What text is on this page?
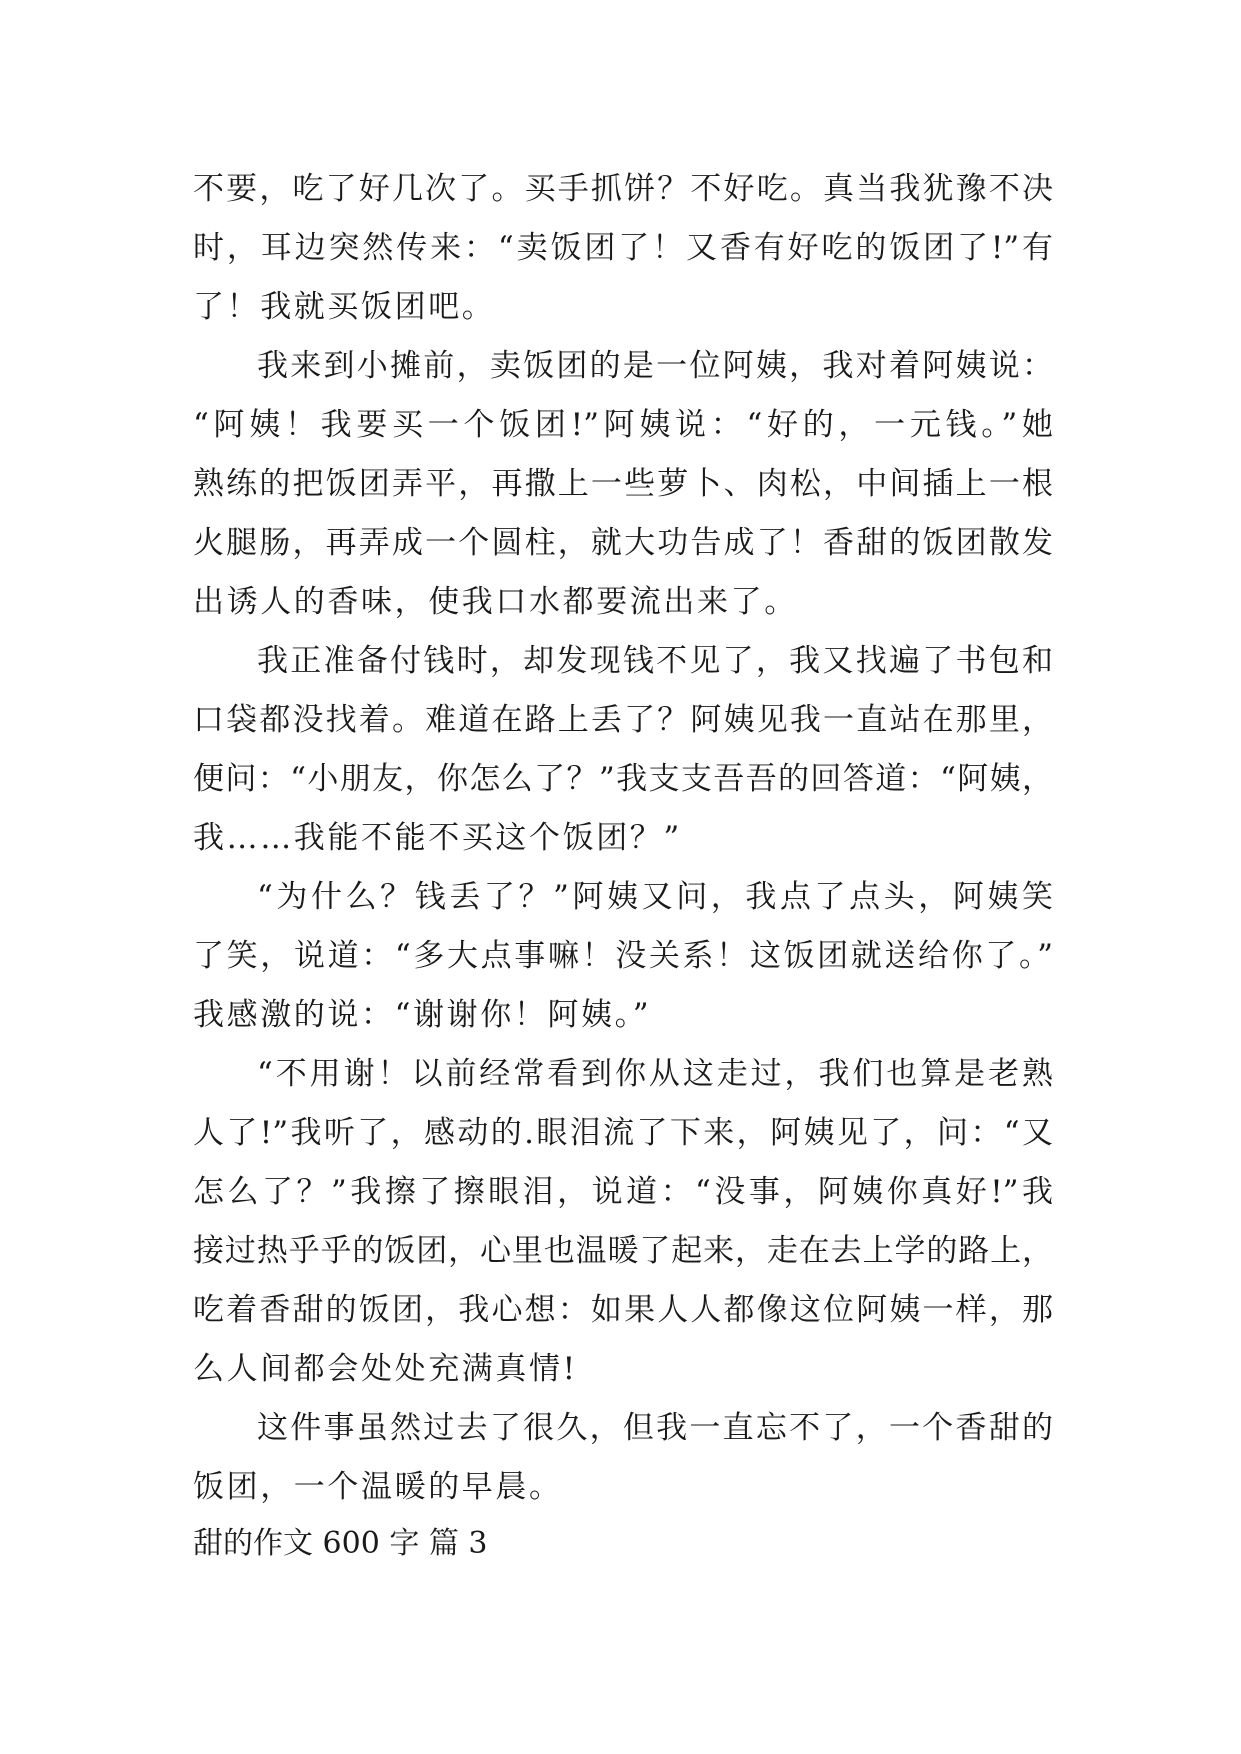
不要，吃了好几次了。买手抓饼？不好吃。真当我犹豫不决
时，耳边突然传来：“卖饭团了！又香有好吃的饭团了!”有
了！我就买饭团吧。
我来到小摊前，卖饭团的是一位阿姨，我对着阿姨说：
“阿姨！我要买一个饭团!”阿姨说：“好的，一元钱。”她
熟练的把饭团弄平，再撒上一些萝卜、肉松，中间插上一根
火腿肠，再弄成一个圆柱，就大功告成了！香甜的饭团散发
出诱人的香味，使我口水都要流出来了。
我正准备付钱时，却发现钱不见了，我又找遍了书包和
口袋都没找着。难道在路上丢了？阿姨见我一直站在那里，
便问：“小朋友，你怎么了？”我支支吾吾的回答道：“阿姨，
我……我能不能不买这个饭团？”
“为什么？钱丢了？”阿姨又问，我点了点头，阿姨笑
了笑，说道：“多大点事嘛！没关系！这饭团就送给你了。”
我感激的说：“谢谢你！阿姨。”
“不用谢！以前经常看到你从这走过，我们也算是老熟
人了!”我听了，感动的.眼泪流了下来，阿姨见了，问：“又
怎么了？”我擦了擦眼泪，说道：“没事，阿姨你真好!”我
接过热乎乎的饭团，心里也温暖了起来，走在去上学的路上，
吃着香甜的饭团，我心想：如果人人都像这位阿姨一样，那
么人间都会处处充满真情!
这件事虽然过去了很久，但我一直忘不了，一个香甜的
饭团，一个温暖的早晨。
甜的作文 600 字 篇 3
